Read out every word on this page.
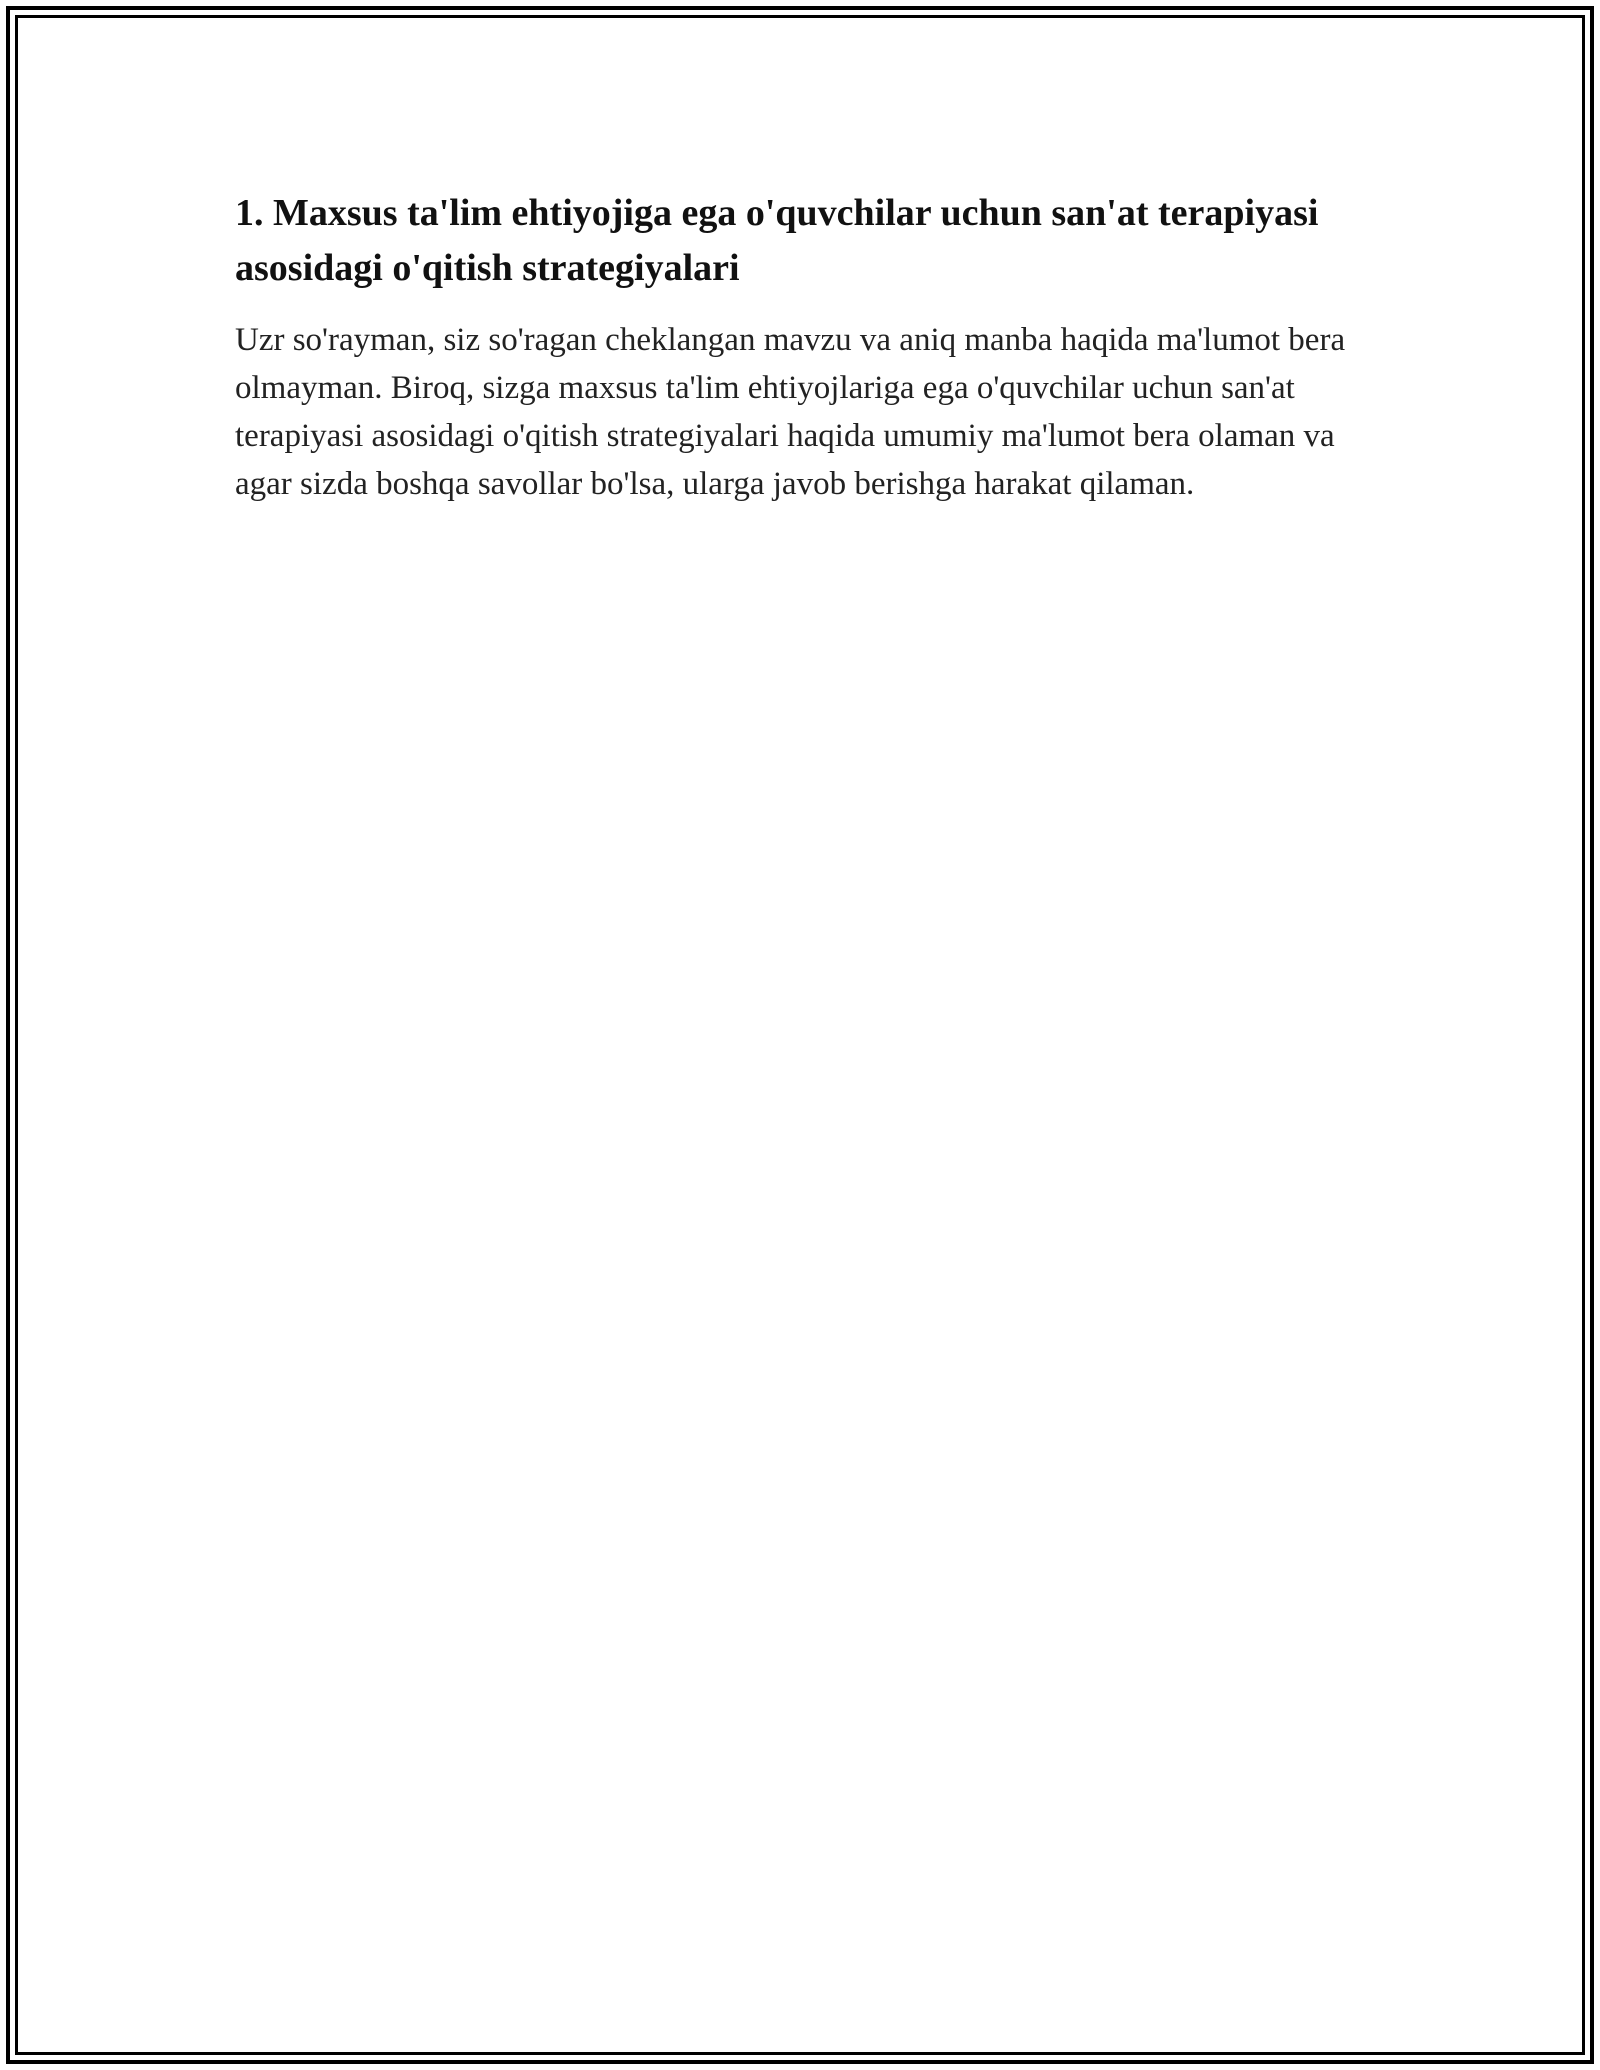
1. Maxsus ta'lim ehtiyojiga ega o'quvchilar uchun san'at terapiyasi asosidagi o'qitish strategiyalari

Uzr so'rayman, siz so'ragan cheklangan mavzu va aniq manba haqida ma'lumot bera olmayman. Biroq, sizga maxsus ta'lim ehtiyojlariga ega o'quvchilar uchun san'at terapiyasi asosidagi o'qitish strategiyalari haqida umumiy ma'lumot bera olaman va agar sizda boshqa savollar bo'lsa, ularga javob berishga harakat qilaman.
